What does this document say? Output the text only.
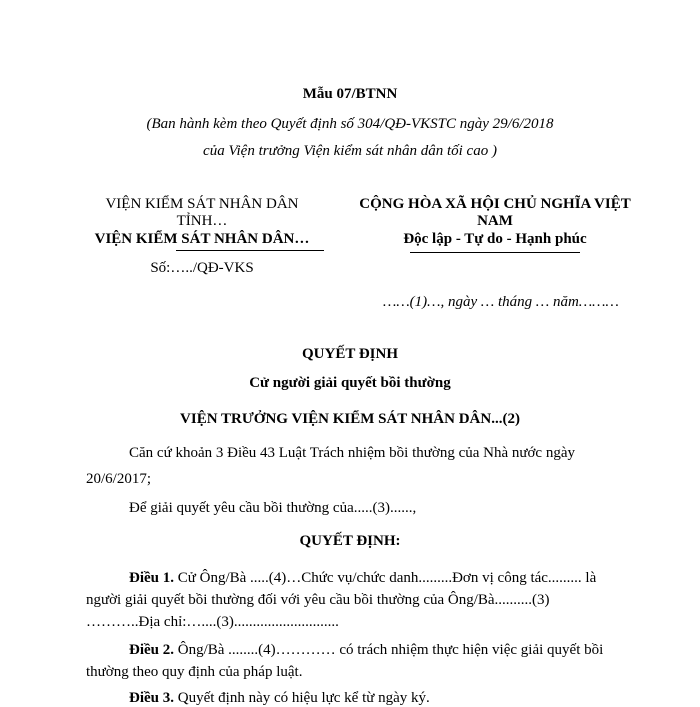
Mẫu 07/BTNN
(Ban hành kèm theo Quyết định số 304/QĐ-VKSTC ngày 29/6/2018
của Viện trưởng Viện kiểm sát nhân dân tối cao )
VIỆN KIỂM SÁT NHÂN DÂN
TỈNH…
VIỆN KIỂM SÁT NHÂN DÂN…
Số:…../QĐ-VKS
CỘNG HÒA XÃ HỘI CHỦ NGHĨA VIỆT
NAM
Độc lập - Tự do - Hạnh phúc
……(1)…, ngày … tháng … năm………
QUYẾT ĐỊNH
Cử người giải quyết bồi thường
VIỆN TRƯỞNG VIỆN KIỂM SÁT NHÂN DÂN...(2)
Căn cứ khoản 3 Điều 43 Luật Trách nhiệm bồi thường của Nhà nước ngày
20/6/2017;
Để giải quyết yêu cầu bồi thường của.....(3)......,
QUYẾT ĐỊNH:
Điều 1. Cử Ông/Bà .....(4)…Chức vụ/chức danh.........Đơn vị công tác......... là
người giải quyết bồi thường đối với yêu cầu bồi thường của Ông/Bà..........(3)
………..Địa chỉ:…....(3)............................
Điều 2. Ông/Bà ........(4)………… có trách nhiệm thực hiện việc giải quyết bồi
thường theo quy định của pháp luật.
Điều 3. Quyết định này có hiệu lực kể từ ngày ký.
